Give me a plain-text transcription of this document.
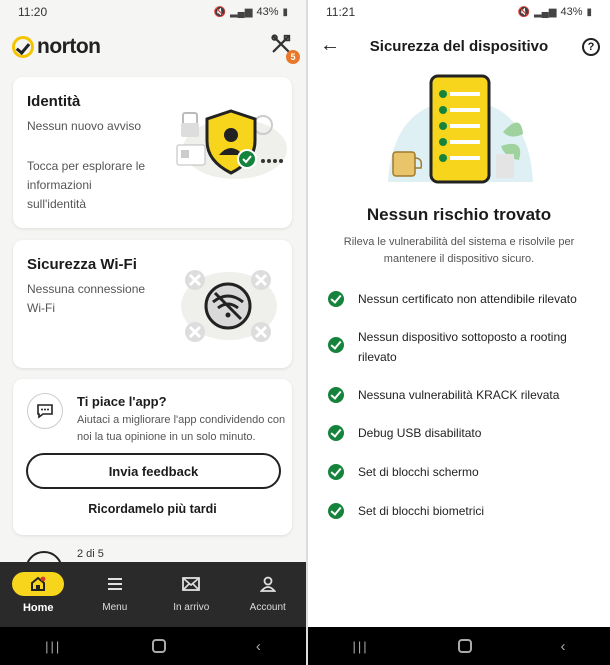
11:20	🔇 ▂▄▆ 43% ▮
norton	5
Identità
Nessun nuovo avviso
Tocca per esplorare le
informazioni
sull'identità
Sicurezza Wi-Fi
Nessuna connessione
Wi-Fi
Ti piace l'app?
Aiutaci a migliorare l'app condividendo con noi la tua opinione in un solo minuto.
Invia feedback
Ricordamelo più tardi
2 di 5
Home	Menu	In arrivo	Account
|||	‹
11:21	🔇 ▂▄▆ 43% ▮
←	Sicurezza del dispositivo	?
Nessun rischio trovato
Rileva le vulnerabilità del sistema e risolvile per mantenere il dispositivo sicuro.
Nessun certificato non attendibile rilevato
Nessun dispositivo sottoposto a rooting rilevato
Nessuna vulnerabilità KRACK rilevata
Debug USB disabilitato
Set di blocchi schermo
Set di blocchi biometrici
|||	‹
